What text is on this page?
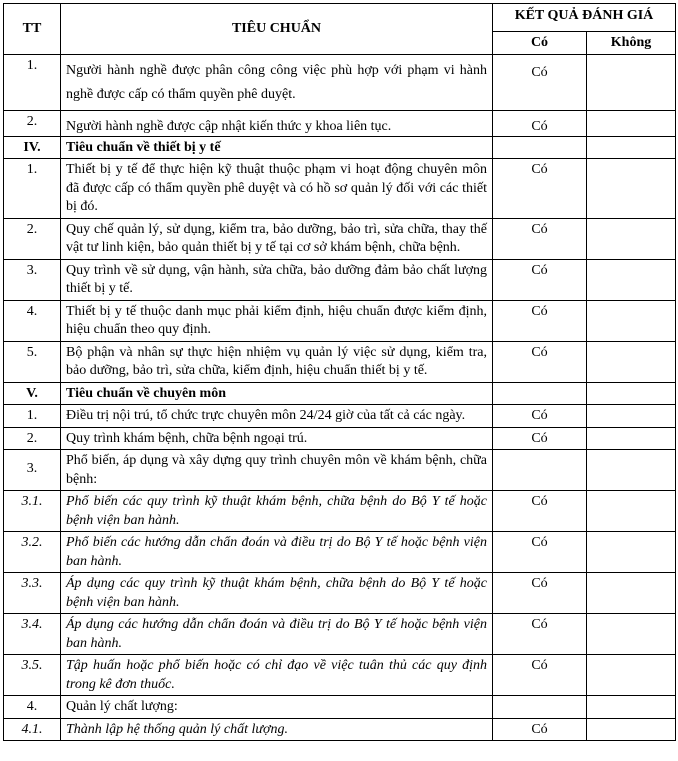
TT	TIÊU CHUẨN	KẾT QUẢ ĐÁNH GIÁ	
		Có	Không
1.	Người hành nghề được phân công công việc phù hợp với phạm vi hành nghề được cấp có thẩm quyền phê duyệt.	Có	
2.	Người hành nghề được cập nhật kiến thức y khoa liên tục.	Có	
IV.	Tiêu chuẩn về thiết bị y tế		
1.	Thiết bị y tế để thực hiện kỹ thuật thuộc phạm vi hoạt động chuyên môn đã được cấp có thẩm quyền phê duyệt và có hồ sơ quản lý đối với các thiết bị đó.	Có	
2.	Quy chế quản lý, sử dụng, kiểm tra, bảo dưỡng, bảo trì, sửa chữa, thay thế vật tư linh kiện, bảo quản thiết bị y tế tại cơ sở khám bệnh, chữa bệnh.	Có	
3.	Quy trình về sử dụng, vận hành, sửa chữa, bảo dưỡng đảm bảo chất lượng thiết bị y tế.	Có	
4.	Thiết bị y tế thuộc danh mục phải kiểm định, hiệu chuẩn được kiểm định, hiệu chuẩn theo quy định.	Có	
5.	Bộ phận và nhân sự thực hiện nhiệm vụ quản lý việc sử dụng, kiểm tra, bảo dưỡng, bảo trì, sửa chữa, kiểm định, hiệu chuẩn thiết bị y tế.	Có	
V.	Tiêu chuẩn về chuyên môn		
1.	Điều trị nội trú, tổ chức trực chuyên môn 24/24 giờ của tất cả các ngày.	Có	
2.	Quy trình khám bệnh, chữa bệnh ngoại trú.	Có	
3.	Phổ biến, áp dụng và xây dựng quy trình chuyên môn về khám bệnh, chữa bệnh:		
3.1.	Phổ biến các quy trình kỹ thuật khám bệnh, chữa bệnh do Bộ Y tế hoặc bệnh viện ban hành.	Có	
3.2.	Phổ biến các hướng dẫn chẩn đoán và điều trị do Bộ Y tế hoặc bệnh viện ban hành.	Có	
3.3.	Áp dụng các quy trình kỹ thuật khám bệnh, chữa bệnh do Bộ Y tế hoặc bệnh viện ban hành.	Có	
3.4.	Áp dụng các hướng dẫn chẩn đoán và điều trị do Bộ Y tế hoặc bệnh viện ban hành.	Có	
3.5.	Tập huấn hoặc phổ biến hoặc có chỉ đạo về việc tuân thủ các quy định trong kê đơn thuốc.	Có	
4.	Quản lý chất lượng:		
4.1.	Thành lập hệ thống quản lý chất lượng.	Có	
